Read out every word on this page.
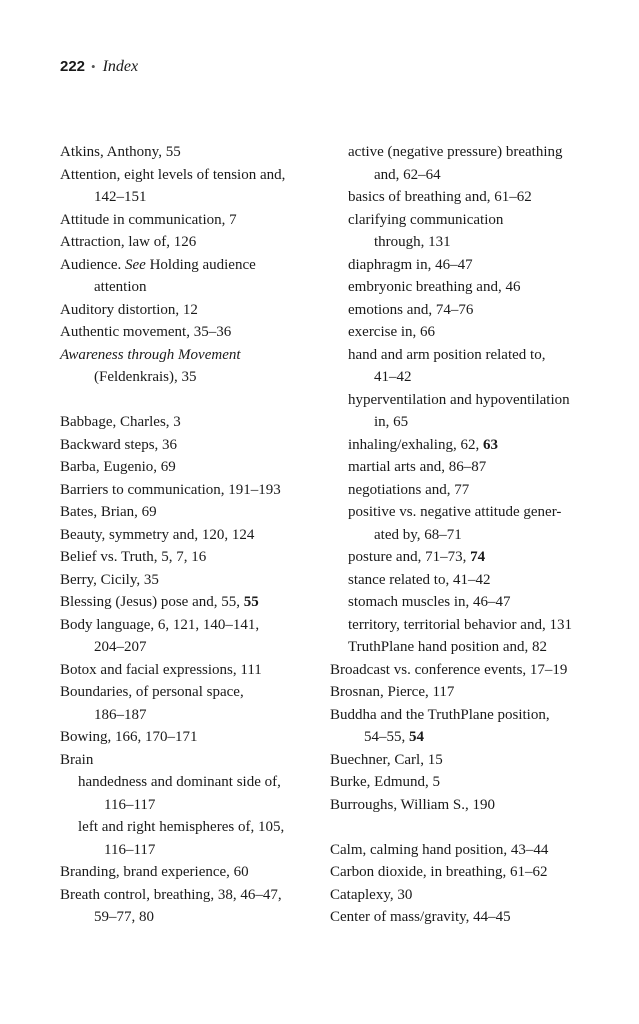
222 • Index
Atkins, Anthony, 55
Attention, eight levels of tension and,
142–151
Attitude in communication, 7
Attraction, law of, 126
Audience. See Holding audience
attention
Auditory distortion, 12
Authentic movement, 35–36
Awareness through Movement
(Feldenkrais), 35
Babbage, Charles, 3
Backward steps, 36
Barba, Eugenio, 69
Barriers to communication, 191–193
Bates, Brian, 69
Beauty, symmetry and, 120, 124
Belief vs. Truth, 5, 7, 16
Berry, Cicily, 35
Blessing (Jesus) pose and, 55, 55
Body language, 6, 121, 140–141,
204–207
Botox and facial expressions, 111
Boundaries, of personal space,
186–187
Bowing, 166, 170–171
Brain
handedness and dominant side of,
116–117
left and right hemispheres of, 105,
116–117
Branding, brand experience, 60
Breath control, breathing, 38, 46–47,
59–77, 80
active (negative pressure) breathing
and, 62–64
basics of breathing and, 61–62
clarifying communication
through, 131
diaphragm in, 46–47
embryonic breathing and, 46
emotions and, 74–76
exercise in, 66
hand and arm position related to,
41–42
hyperventilation and hypoventilation
in, 65
inhaling/exhaling, 62, 63
martial arts and, 86–87
negotiations and, 77
positive vs. negative attitude gener-
ated by, 68–71
posture and, 71–73, 74
stance related to, 41–42
stomach muscles in, 46–47
territory, territorial behavior and, 131
TruthPlane hand position and, 82
Broadcast vs. conference events, 17–19
Brosnan, Pierce, 117
Buddha and the TruthPlane position,
54–55, 54
Buechner, Carl, 15
Burke, Edmund, 5
Burroughs, William S., 190
Calm, calming hand position, 43–44
Carbon dioxide, in breathing, 61–62
Cataplexy, 30
Center of mass/gravity, 44–45
